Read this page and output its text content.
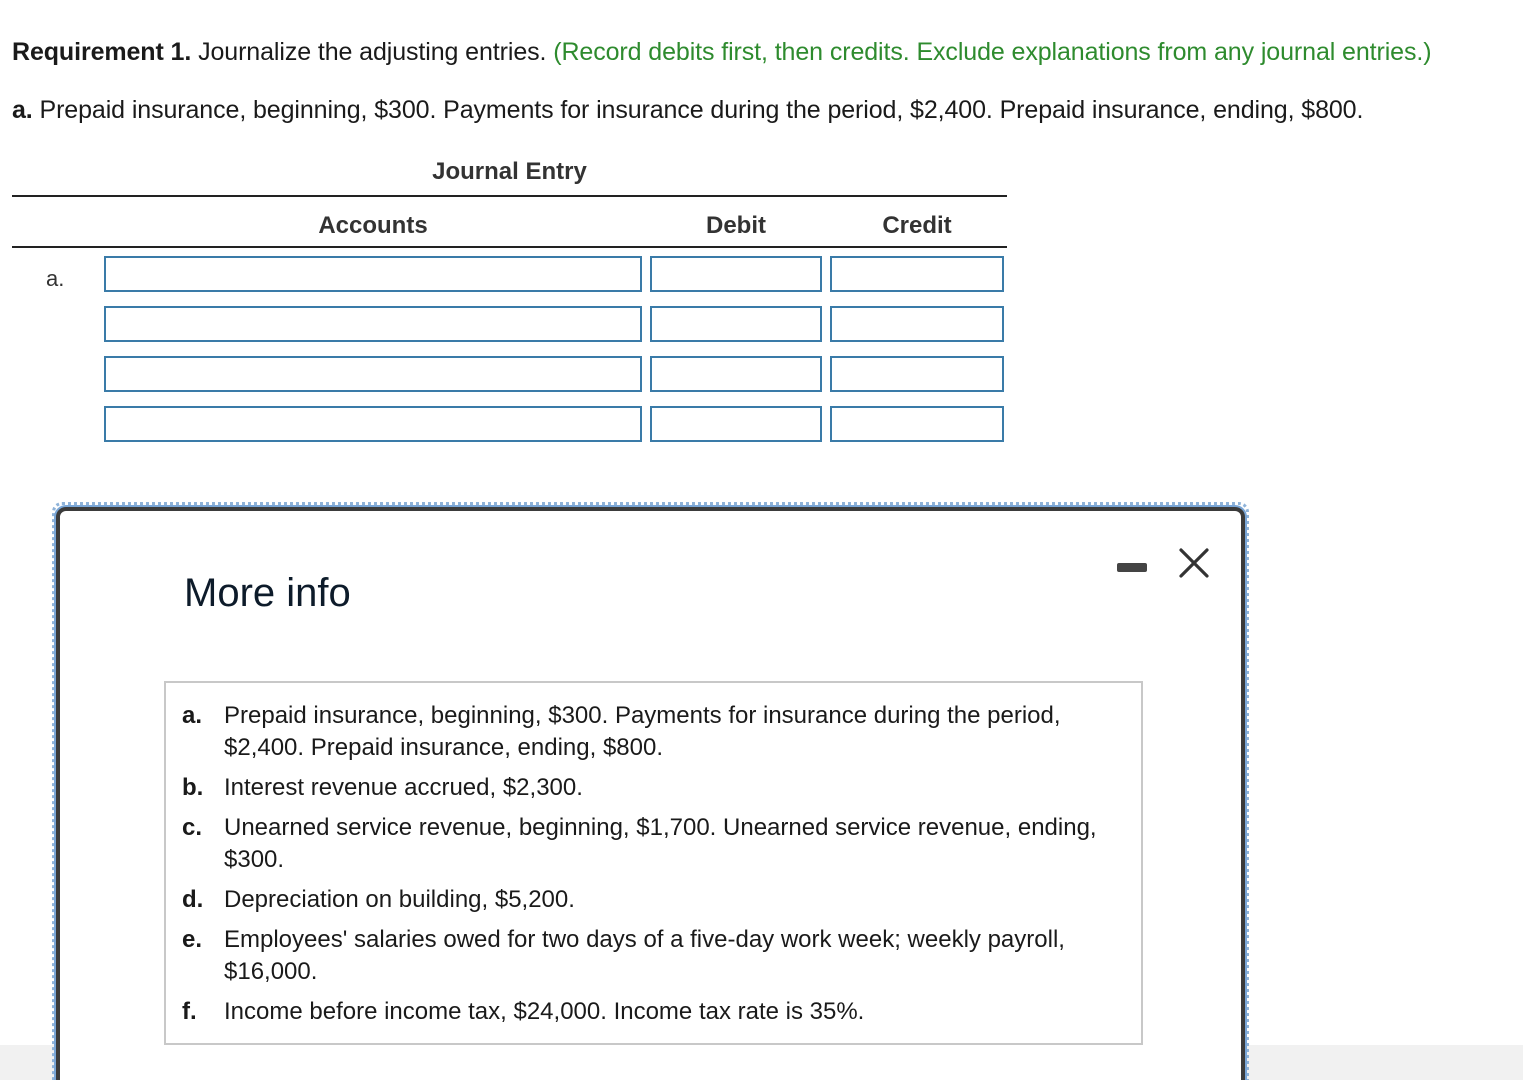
Requirement 1. Journalize the adjusting entries. (Record debits first, then credits. Exclude explanations from any journal entries.)
a. Prepaid insurance, beginning, $300. Payments for insurance during the period, $2,400. Prepaid insurance, ending, $800.
Journal Entry
Accounts	Debit	Credit
a.
More info
a. Prepaid insurance, beginning, $300. Payments for insurance during the period, $2,400. Prepaid insurance, ending, $800.
b. Interest revenue accrued, $2,300.
c. Unearned service revenue, beginning, $1,700. Unearned service revenue, ending, $300.
d. Depreciation on building, $5,200.
e. Employees' salaries owed for two days of a five-day work week; weekly payroll, $16,000.
f.	Income before income tax, $24,000. Income tax rate is 35%.
